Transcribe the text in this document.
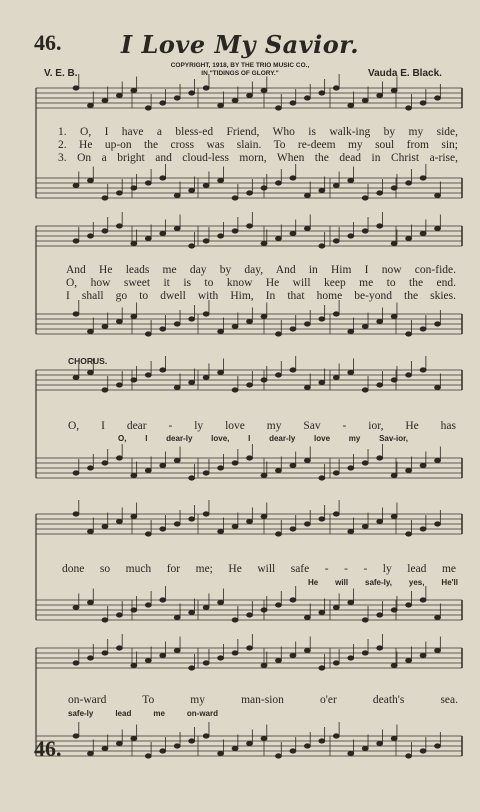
46.	I Love My Savior.
COPYRIGHT, 1918, BY THE TRIO MUSIC CO.,
IN "TIDINGS OF GLORY."
V. E. B.	Vauda E. Black.
1. O, I have a bless-ed Friend, Who is walk-ing by my side,
2. He up-on the cross was slain. To re-deem my soul from sin;
3. On a bright and cloud-less morn, When the dead in Christ a-rise,
And He leads me day by day, And in Him I now con-fide.
O, how sweet it is to know He will keep me to the end.
I shall go to dwell with Him, In that home be-yond the skies.
CHORUS.
O, I dear - ly love my Sav - ior, He has
O, I dear-ly love, I dear-ly love my Sav-ior,
done so much for me; He will safe - - - ly lead me
He will safe-ly, yes, He'll
on-ward To my man-sion o'er death's sea.
safe-ly lead me on-ward
46.
